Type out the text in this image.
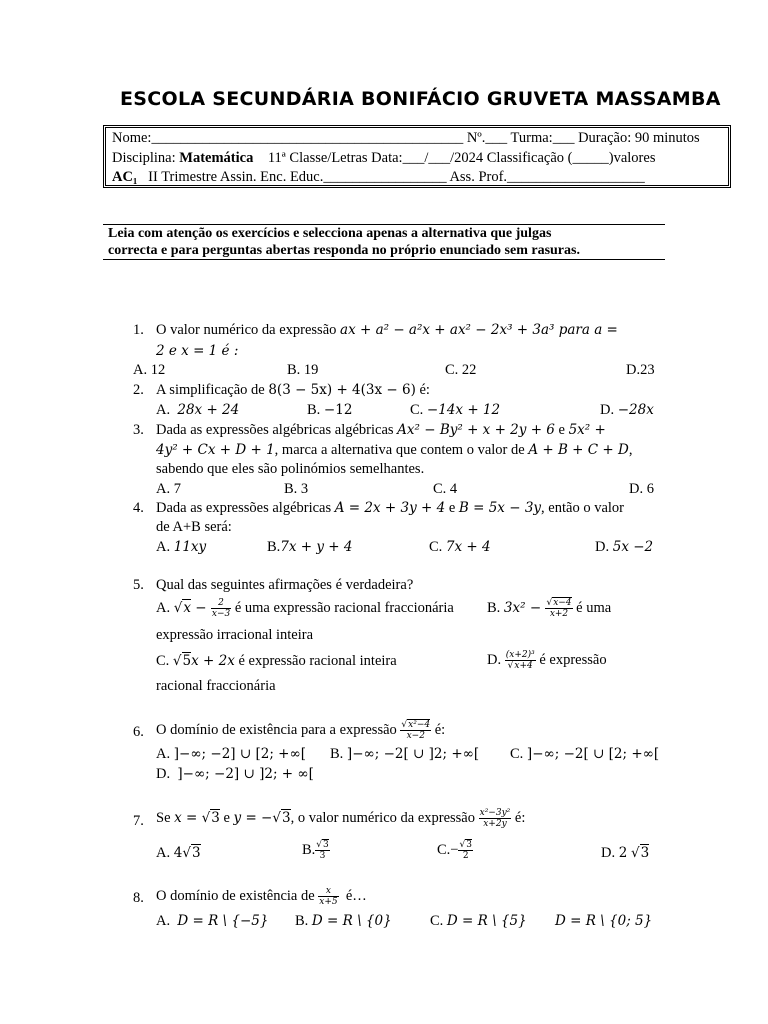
ESCOLA SECUNDÁRIA BONIFÁCIO GRUVETA MASSAMBA
Nome:___________________________________________ Nº.___ Turma:___ Duração: 90 minutos
Disciplina: Matemática 11ª Classe/Letras Data:___/___/2024 Classificação (_____)valores
AC₁ II Trimestre Assin. Enc. Educ._________________ Ass. Prof.___________________
Leia com atenção os exercícios e selecciona apenas a alternativa que julgas
correcta e para perguntas abertas responda no próprio enunciado sem rasuras.
1. O valor numérico da expressão ax + a² − a²x + ax² − 2x³ + 3a³ para a =
2 e x = 1 é :
A. 12	B. 19	C. 22	D.23
2. A simplificação de 8(3 − 5x) + 4(3x − 6) é:
A. 28x + 24	B. −12	C. −14x + 12	D. −28x
3. Dada as expressões algébricas algébricas Ax² − By² + x + 2y + 6 e 5x² +
4y² + Cx + D + 1, marca a alternativa que contem o valor de A + B + C + D,
sabendo que eles são polinómios semelhantes.
A. 7	B. 3	C. 4	D. 6
4. Dada as expressões algébricas A = 2x + 3y + 4 e B = 5x − 3y, então o valor
de A+B será:
A. 11xy	B.7x + y + 4	C. 7x + 4	D. 5x −2
5. Qual das seguintes afirmações é verdadeira?
A. $√x - \frac{2}{x-3}$ é uma expressão racional fraccionária B. $3x^2 - \frac{√x-4}{x+2}$ é uma
expressão irracional inteira
C. √5x + 2x é expressão racional inteira	D. $\frac{\text{(x+2)³}}{√x+4}$ é expressão
racional fraccionária
6. O domínio de existência para a expressão $\frac{\text{√x²−4}}{x-2}$ é:
A. ]−∞; −2] ∪ [2; +∞[ B. ]−∞; −2[ ∪ ]2; +∞[ C. ]−∞; −2[ ∪ [2; +∞[
D. ]−∞; −2] ∪ ]2; + ∞[
7. Se x = √3 e y = −√3, o valor numérico da expressão $\frac{\text{x²−3y²}}{x+2y}$ é:
A. 4√3	B. $\frac{√3}{3}$	$C.- \frac{√3}{2}$	D. 2 √3
8. O domínio de existência de $\frac{x}{x+5}$ é…
A. D = R \ {−5} B. D = R \ {0}	C. D = R \ {5} D = R \ {0; 5}
